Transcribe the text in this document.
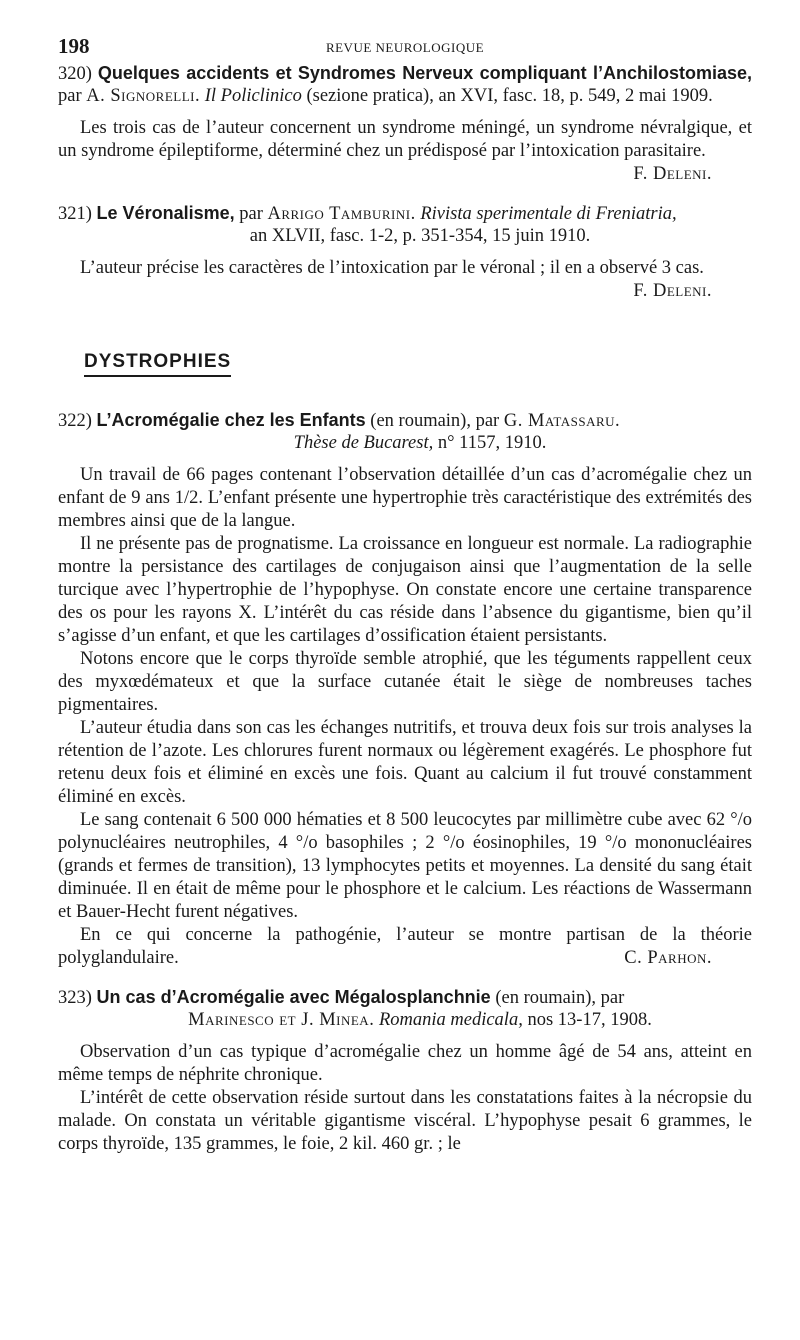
198	REVUE NEUROLOGIQUE
320) Quelques accidents et Syndromes Nerveux compliquant l’Anchilostomiase, par A. Signorelli. Il Policlinico (sezione pratica), an XVI, fasc. 18, p. 549, 2 mai 1909.

Les trois cas de l’auteur concernent un syndrome méningé, un syndrome névralgique, et un syndrome épileptiforme, déterminé chez un prédisposé par l’intoxication parasitaire.
F. Deleni.

321) Le Véronalisme, par Arrigo Tamburini. Rivista sperimentale di Freniatria,
an XLVII, fasc. 1-2, p. 351-354, 15 juin 1910.

L’auteur précise les caractères de l’intoxication par le véronal ; il en a observé 3 cas.
F. Deleni.

DYSTROPHIES
322) L’Acromégalie chez les Enfants (en roumain), par G. Matassaru.
Thèse de Bucarest, n° 1157, 1910.

Un travail de 66 pages contenant l’observation détaillée d’un cas d’acromégalie chez un enfant de 9 ans 1/2. L’enfant présente une hypertrophie très caractéristique des extrémités des membres ainsi que de la langue.

Il ne présente pas de prognatisme. La croissance en longueur est normale. La radiographie montre la persistance des cartilages de conjugaison ainsi que l’augmentation de la selle turcique avec l’hypertrophie de l’hypophyse. On constate encore une certaine transparence des os pour les rayons X. L’intérêt du cas réside dans l’absence du gigantisme, bien qu’il s’agisse d’un enfant, et que les cartilages d’ossification étaient persistants.

Notons encore que le corps thyroïde semble atrophié, que les téguments rappellent ceux des myxœdémateux et que la surface cutanée était le siège de nombreuses taches pigmentaires.

L’auteur étudia dans son cas les échanges nutritifs, et trouva deux fois sur trois analyses la rétention de l’azote. Les chlorures furent normaux ou légèrement exagérés. Le phosphore fut retenu deux fois et éliminé en excès une fois. Quant au calcium il fut trouvé constamment éliminé en excès.

Le sang contenait 6 500 000 hématies et 8 500 leucocytes par millimètre cube avec 62 °/o polynucléaires neutrophiles, 4 °/o basophiles ; 2 °/o éosinophiles, 19 °/o mononucléaires (grands et fermes de transition), 13 lymphocytes petits et moyennes. La densité du sang était diminuée. Il en était de même pour le phosphore et le calcium. Les réactions de Wassermann et Bauer-Hecht furent négatives.

En ce qui concerne la pathogénie, l’auteur se montre partisan de la théorie polyglandulaire.	C. Parhon.

323) Un cas d’Acromégalie avec Mégalosplanchnie (en roumain), par
Marinesco et J. Minea. Romania medicala, nos 13-17, 1908.

Observation d’un cas typique d’acromégalie chez un homme âgé de 54 ans, atteint en même temps de néphrite chronique.

L’intérêt de cette observation réside surtout dans les constatations faites à la nécropsie du malade. On constata un véritable gigantisme viscéral. L’hypophyse pesait 6 grammes, le corps thyroïde, 135 grammes, le foie, 2 kil. 460 gr. ; le
